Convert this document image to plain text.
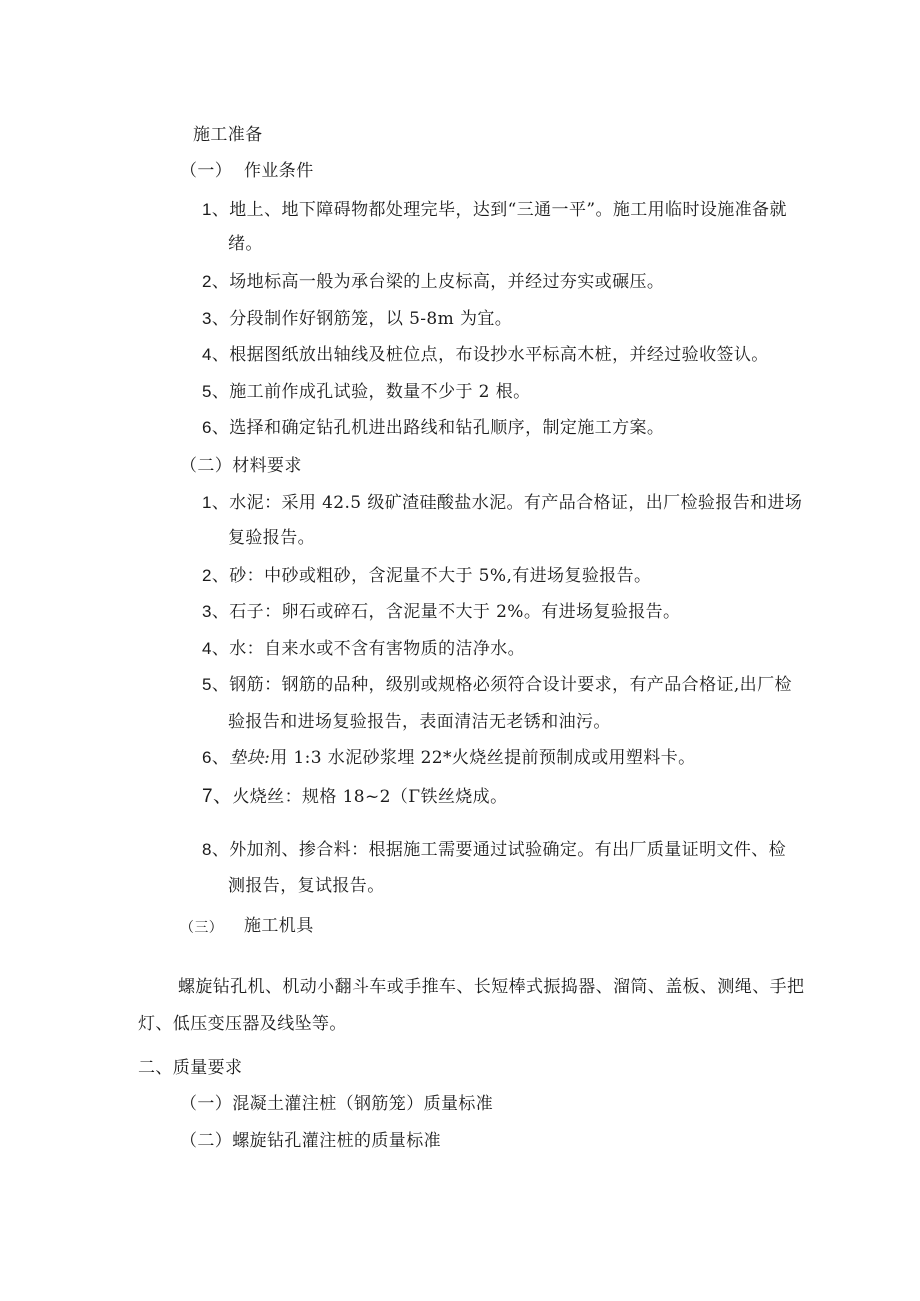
施工准备
（一） 作业条件
1、地上、地下障碍物都处理完毕，达到“三通一平”。施工用临时设施准备就
绪。
2、场地标高一般为承台梁的上皮标高，并经过夯实或碾压。
3、分段制作好钢筋笼，以 5-8m 为宜。
4、根据图纸放出轴线及桩位点，布设抄水平标高木桩，并经过验收签认。
5、施工前作成孔试验，数量不少于 2 根。
6、选择和确定钻孔机进出路线和钻孔顺序，制定施工方案。
（二）材料要求
1、水泥：采用 42.5 级矿渣硅酸盐水泥。有产品合格证，出厂检验报告和进场
复验报告。
2、砂：中砂或粗砂，含泥量不大于 5%,有进场复验报告。
3、石子：卵石或碎石，含泥量不大于 2%。有进场复验报告。
4、水：自来水或不含有害物质的洁净水。
5、钢筋：钢筋的品种，级别或规格必须符合设计要求，有产品合格证,出厂检
验报告和进场复验报告，表面清洁无老锈和油污。
6、垫块:用 1:3 水泥砂浆埋 22*火烧丝提前预制成或用塑料卡。
7、火烧丝：规格 18~2（Γ铁丝烧成。
8、外加剂、掺合料：根据施工需要通过试验确定。有出厂质量证明文件、检
测报告，复试报告。
（三） 施工机具
螺旋钻孔机、机动小翻斗车或手推车、长短棒式振捣器、溜筒、盖板、测绳、手把
灯、低压变压器及线坠等。
二、质量要求
（一）混凝土灌注桩（钢筋笼）质量标准
（二）螺旋钻孔灌注桩的质量标准
